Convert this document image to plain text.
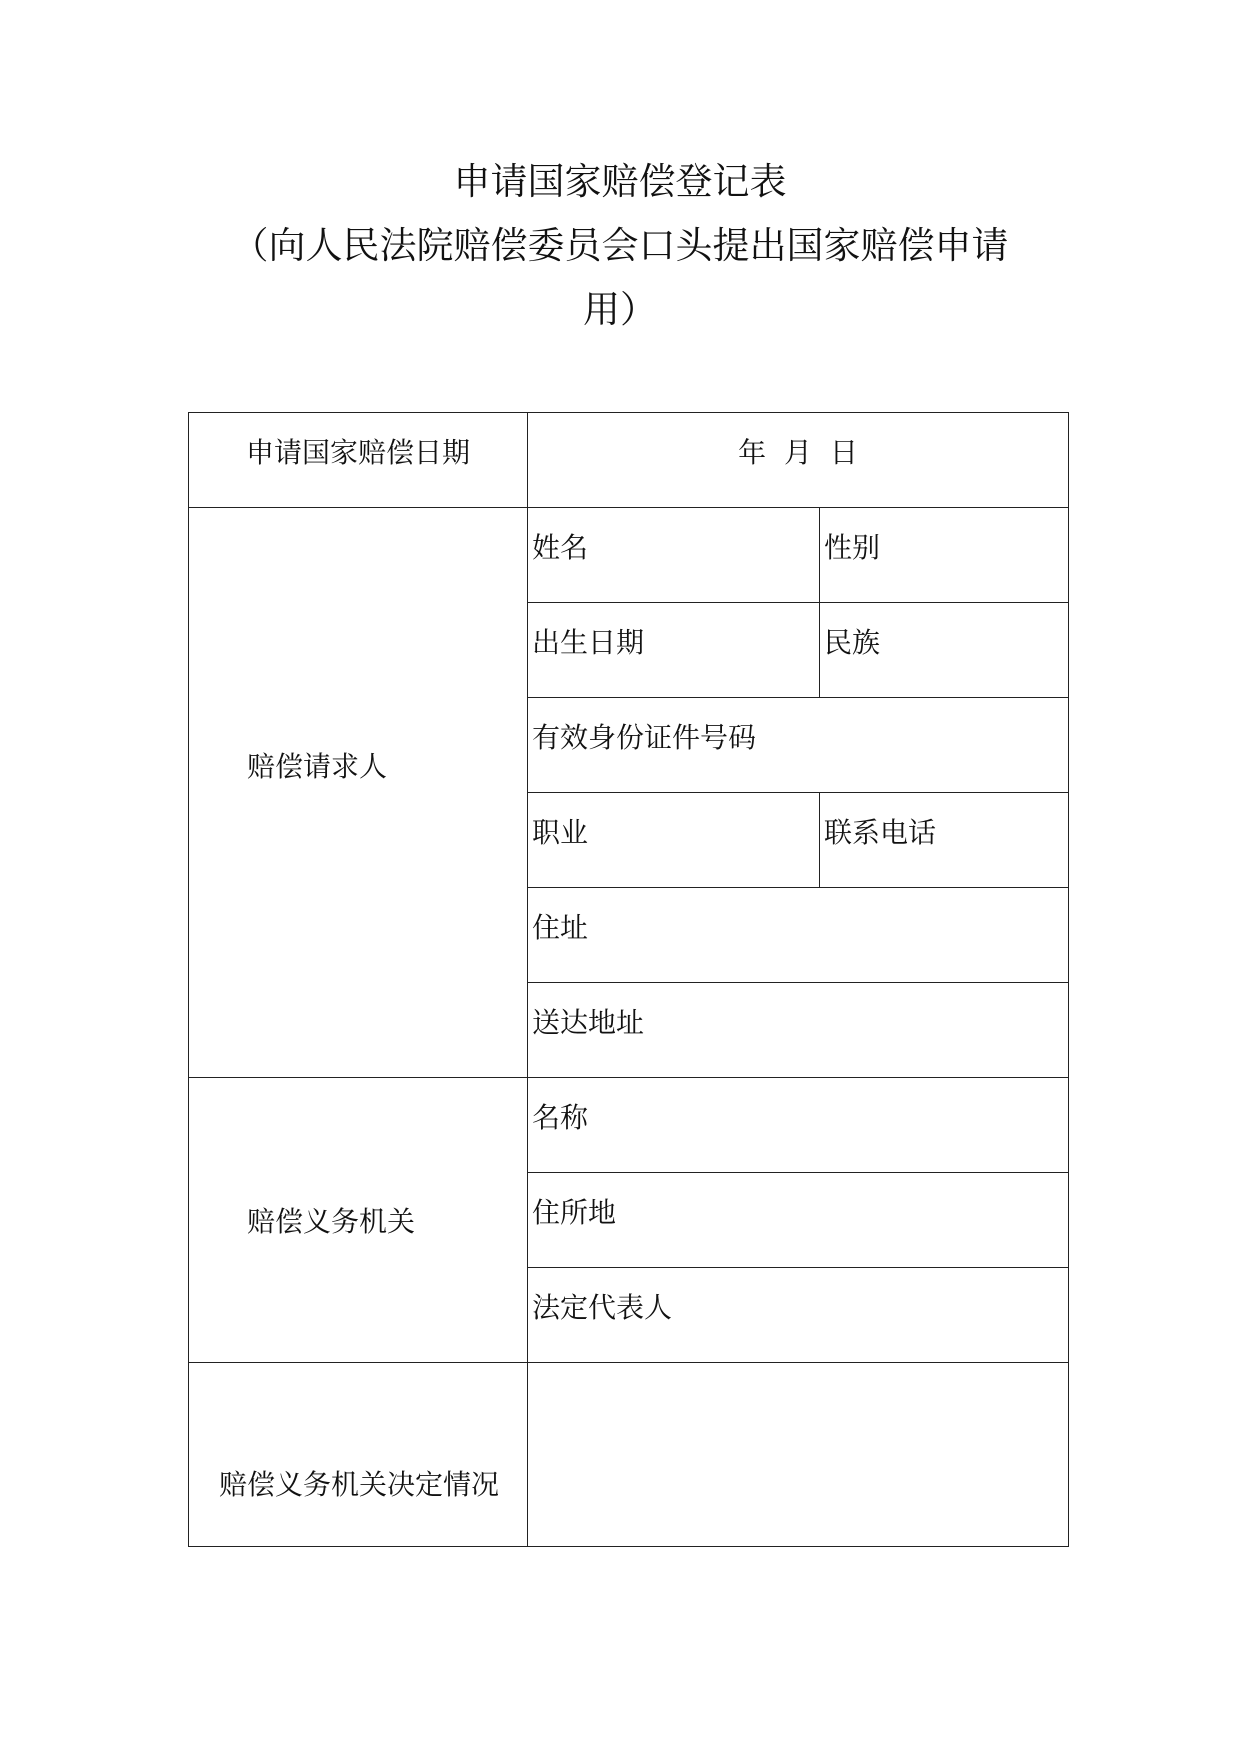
申请国家赔偿登记表
（向人民法院赔偿委员会口头提出国家赔偿申请
用）
申请国家赔偿日期	年 月 日	

赔偿请求人	姓名	性别

	出生日期	民族

	有效身份证件号码	

	职业	联系电话

	住址	

	送达地址	

赔偿义务机关	名称	

	住所地	

	法定代表人	

赔偿义务机关决定情况		
